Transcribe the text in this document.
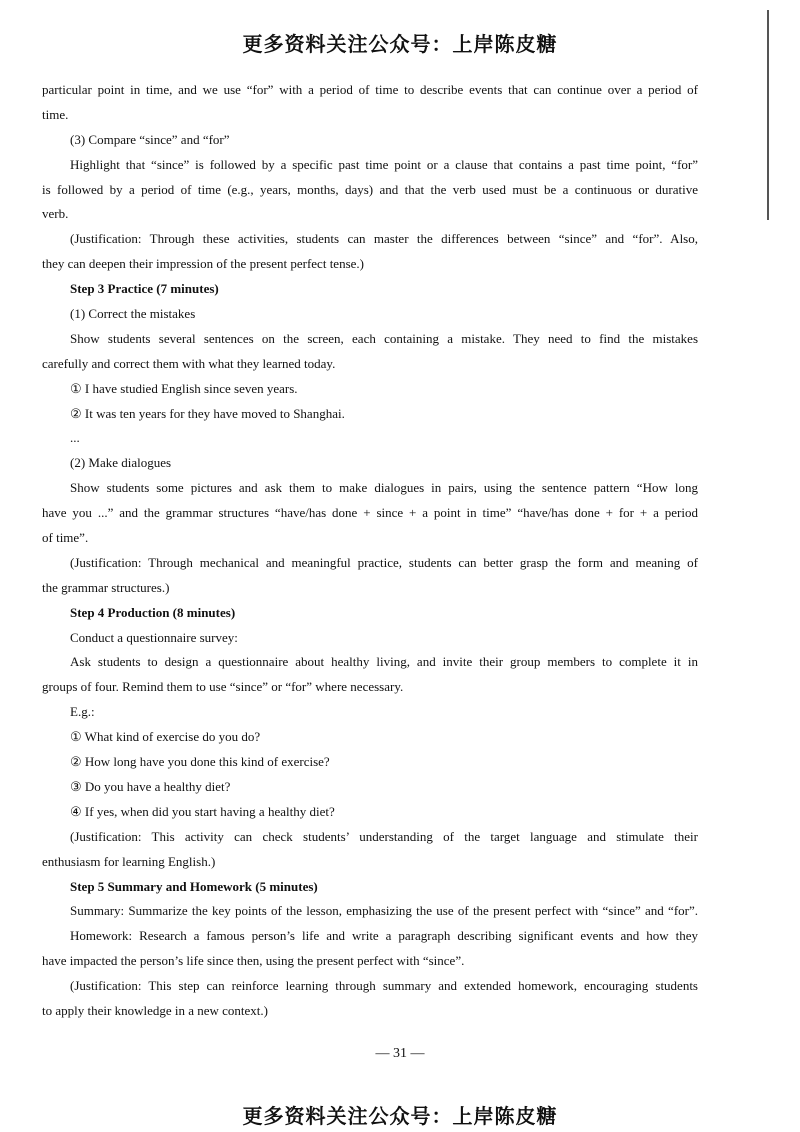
更多资料关注公众号：上岸陈皮糖
particular point in time, and we use “for” with a period of time to describe events that can continue over a period of
time.
(3) Compare “since” and “for”
Highlight that “since” is followed by a specific past time point or a clause that contains a past time point, “for”
is followed by a period of time (e.g., years, months, days) and that the verb used must be a continuous or durative
verb.
(Justification: Through these activities, students can master the differences between “since” and “for”. Also,
they can deepen their impression of the present perfect tense.)
Step 3 Practice (7 minutes)
(1) Correct the mistakes
Show students several sentences on the screen, each containing a mistake. They need to find the mistakes
carefully and correct them with what they learned today.
① I have studied English since seven years.
② It was ten years for they have moved to Shanghai.
...
(2) Make dialogues
Show students some pictures and ask them to make dialogues in pairs, using the sentence pattern “How long
have you ...” and the grammar structures “have/has done + since + a point in time” “have/has done + for + a period
of time”.
(Justification: Through mechanical and meaningful practice, students can better grasp the form and meaning of
the grammar structures.)
Step 4 Production (8 minutes)
Conduct a questionnaire survey:
Ask students to design a questionnaire about healthy living, and invite their group members to complete it in
groups of four. Remind them to use “since” or “for” where necessary.
E.g.:
① What kind of exercise do you do?
② How long have you done this kind of exercise?
③ Do you have a healthy diet?
④ If yes, when did you start having a healthy diet?
(Justification: This activity can check students’ understanding of the target language and stimulate their
enthusiasm for learning English.)
Step 5 Summary and Homework (5 minutes)
Summary: Summarize the key points of the lesson, emphasizing the use of the present perfect with “since” and “for”.
Homework: Research a famous person’s life and write a paragraph describing significant events and how they
have impacted the person’s life since then, using the present perfect with “since”.
(Justification: This step can reinforce learning through summary and extended homework, encouraging students
to apply their knowledge in a new context.)
— 31 —
更多资料关注公众号：上岸陈皮糖
